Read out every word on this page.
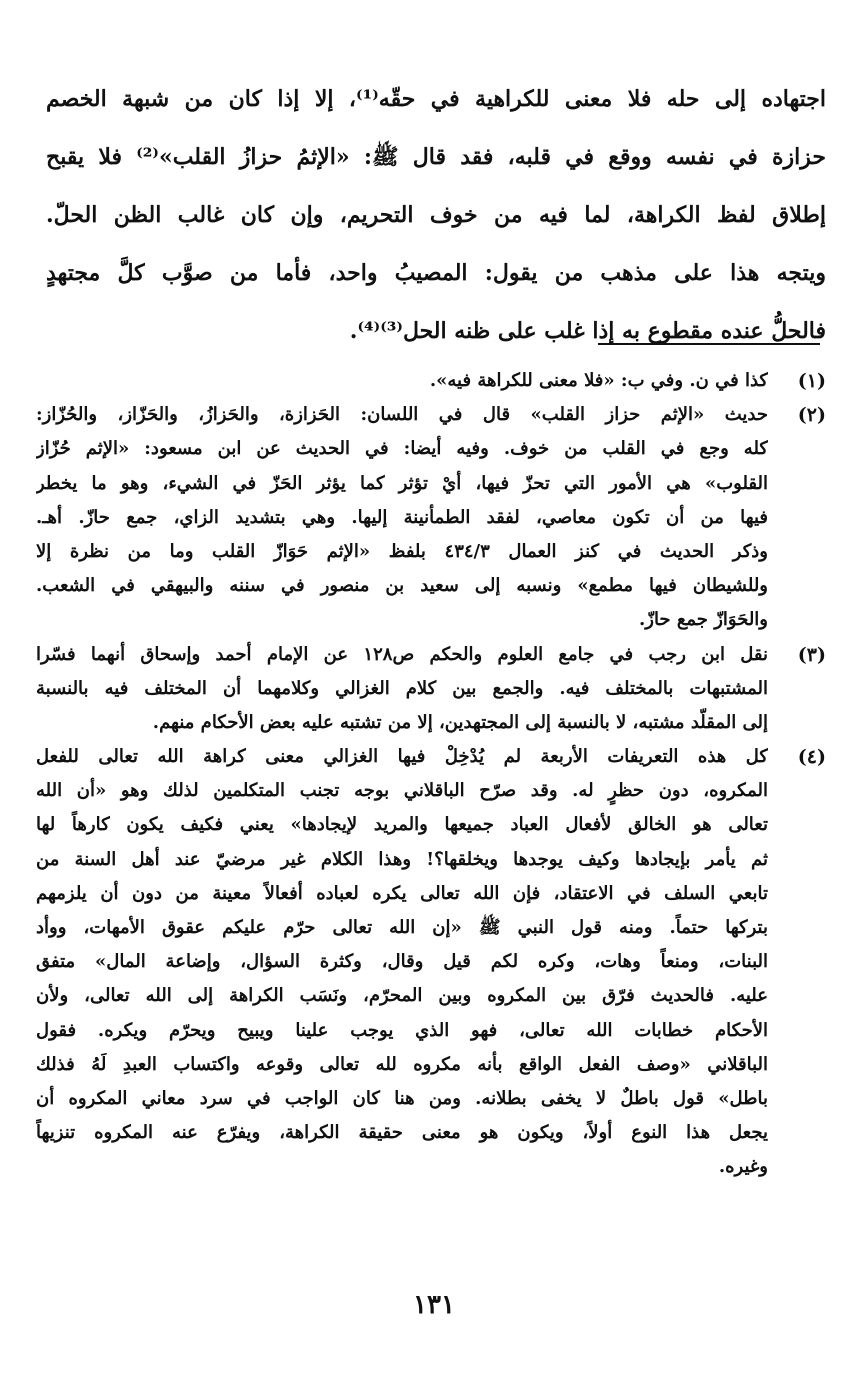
اجتهاده إلى حله فلا معنى للكراهية في حقّه⁽¹⁾، إلا إذا كان من شبهة الخصم
حزازة في نفسه ووقع في قلبه، فقد قال ﷺ: «الإثمُ حزازُ القلب»⁽²⁾ فلا يقبح
إطلاق لفظ الكراهة، لما فيه من خوف التحريم، وإن كان غالب الظن الحلّ.
ويتجه هذا على مذهب من يقول: المصيبُ واحد، فأما من صوَّب كلَّ مجتهدٍ
فالحلُّ عنده مقطوع به إذا غلب على ظنه الحل⁽³⁾⁽⁴⁾.
(١)
كذا في ن. وفي ب: «فلا معنى للكراهة فيه».
(٢)
حديث «الإثم حزاز القلب» قال في اللسان: الحَزازة، والحَزازُ، والحَزّاز، والحُزّاز:
كله وجع في القلب من خوف. وفيه أيضا: في الحديث عن ابن مسعود: «الإثم حُزّاز
القلوب» هي الأمور التي تحزّ فيها، أيْ تؤثر كما يؤثر الحَزّ في الشيء، وهو ما يخطر
فيها من أن تكون معاصي، لفقد الطمأنينة إليها. وهي بتشديد الزاي، جمع حازّ. أهـ.
وذكر الحديث في كنز العمال ٤٣٤/٣ بلفظ «الإثم حَوَازّ القلب وما من نظرة إلا
وللشيطان فيها مطمع» ونسبه إلى سعيد بن منصور في سننه والبيهقي في الشعب.
والحَوَازّ جمع حازّ.
(٣)
نقل ابن رجب في جامع العلوم والحكم ص١٢٨ عن الإمام أحمد وإسحاق أنهما فسّرا
المشتبهات بالمختلف فيه. والجمع بين كلام الغزالي وكلامهما أن المختلف فيه بالنسبة
إلى المقلّد مشتبه، لا بالنسبة إلى المجتهدين، إلا من تشتبه عليه بعض الأحكام منهم.
(٤)
كل هذه التعريفات الأربعة لم يُدْخِلْ فيها الغزالي معنى كراهة الله تعالى للفعل
المكروه، دون حظرٍ له. وقد صرّح الباقلاني بوجه تجنب المتكلمين لذلك وهو «أن الله
تعالى هو الخالق لأفعال العباد جميعها والمريد لإيجادها» يعني فكيف يكون كارهاً لها
ثم يأمر بإيجادها وكيف يوجدها ويخلقها؟! وهذا الكلام غير مرضيّ عند أهل السنة من
تابعي السلف في الاعتقاد، فإن الله تعالى يكره لعباده أفعالاً معينة من دون أن يلزمهم
بتركها حتماً. ومنه قول النبي ﷺ «إن الله تعالى حرّم عليكم عقوق الأمهات، ووأد
البنات، ومنعاً وهات، وكره لكم قيل وقال، وكثرة السؤال، وإضاعة المال» متفق
عليه. فالحديث فرّق بين المكروه وبين المحرّم، ونَسَب الكراهة إلى الله تعالى، ولأن
الأحكام خطابات الله تعالى، فهو الذي يوجب علينا ويبيح ويحرّم ويكره. فقول
الباقلاني «وصف الفعل الواقع بأنه مكروه لله تعالى وقوعه واكتساب العبدِ لَهُ فذلك
باطل» قول باطلٌ لا يخفى بطلانه. ومن هنا كان الواجب في سرد معاني المكروه أن
يجعل هذا النوع أولاً، ويكون هو معنى حقيقة الكراهة، ويفرّع عنه المكروه تنزيهاً
وغيره.
١٣١
